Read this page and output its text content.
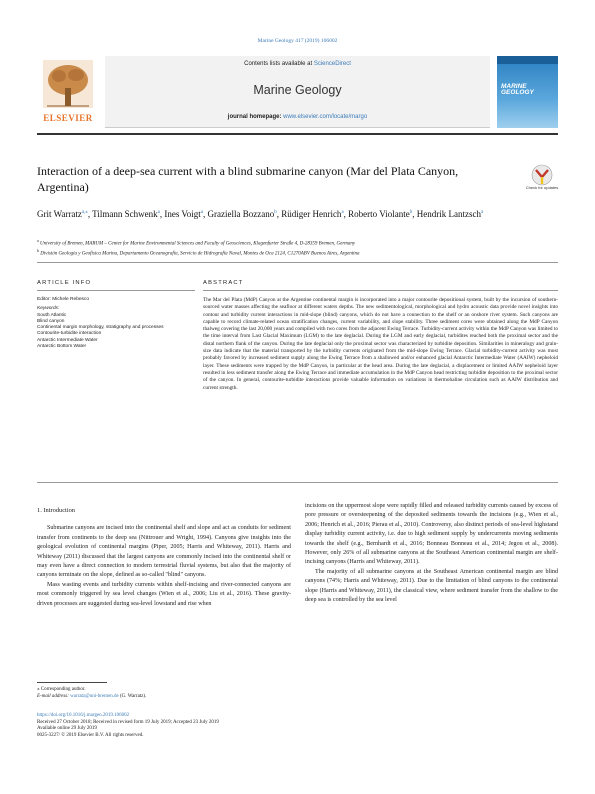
Marine Geology 417 (2019) 106002
ELSEVIER
Contents lists available at ScienceDirect
Marine Geology
journal homepage: www.elsevier.com/locate/margo
MARINE GEOLOGY
Interaction of a deep-sea current with a blind submarine canyon (Mar del Plata Canyon, Argentina)	Check for updates
Grit Warratz$^{a,⁎}$, Tilmann Schwenk$^a$, Ines Voigt$^a$, Graziella Bozzano$^b$, Rüdiger Henrich$^a$, Roberto Violante$^b$, Hendrik Lantzsch$^a$
$^a$ University of Bremen, MARUM – Center for Marine Environmental Sciences and Faculty of Geosciences, Klagenfurter Straße 4, D-28359 Bremen, Germany
$^b$ División Geología y Geofísica Marina, Departamento Oceanografía, Servicio de Hidrografía Naval, Montes de Oca 2124, C1270ABV Buenos Aires, Argentina
ARTICLE INFO	ABSTRACT
Editor: Michele Rebesco
Keywords:
South Atlantic
Blind canyon
Continental margin morphology, stratigraphy and processes
Contourite-turbidite interaction
Antarctic Intermediate Water
Antarctic Bottom Water
The Mar del Plata (MdP) Canyon at the Argentine continental margin is incorporated into a major contourite depositional system, built by the incursion of southern-sourced water masses affecting the seafloor at different waters depths. The new sedimentological, morphological and hydro acoustic data provide novel insights into contour and turbidity current interactions in mid-slope (blind) canyons, which do not have a connection to the shelf or an onshore river system. Such canyons are capable to record climate-related ocean stratification changes, current variability, and slope stability. Three sediment cores were obtained along the MdP Canyon thalweg covering the last 20,000 years and compiled with two cores from the adjacent Ewing Terrace. Turbidity-current activity within the MdP Canyon was limited to the time interval from Last Glacial Maximum (LGM) to the late deglacial. During the LGM and early deglacial, turbidites reached both the proximal sector and the distal northern flank of the canyon. During the late deglacial only the proximal sector was characterized by turbidite deposition. Similarities in mineralogy and grain-size data indicate that the material transported by the turbidity currents originated from the mid-slope Ewing Terrace. Glacial turbidity-current activity was most probably favored by increased sediment supply along the Ewing Terrace from a shallowed and/or enhanced glacial Antarctic Intermediate Water (AAIW) nepheloid layer. These sediments were trapped by the MdP Canyon, in particular at the head area. During the late deglacial, a displacement or limited AAIW nepheloid layer resulted in less sediment transfer along the Ewing Terrace and immediate accumulation in the MdP Canyon head restricting turbidite deposition to the proximal sector of the canyon. In general, contourite-turbidite interactions provide valuable information on variations in thermohaline circulation such as AAIW distribution and current strength.
1. Introduction

Submarine canyons are incised into the continental shelf and slope and act as conduits for sediment transfer from continents to the deep sea (Nittrouer and Wright, 1994). Canyons give insights into the geological evolution of continental margins (Piper, 2005; Harris and Whiteway, 2011). Harris and Whiteway (2011) discussed that the largest canyons are commonly incised into the continental shelf or may even have a direct connection to modern terrestrial fluvial systems, but also that the majority of canyons terminate on the slope, defined as so-called "blind" canyons.

Mass wasting events and turbidity currents within shelf-incising and river-connected canyons are most commonly triggered by sea level changes (Wien et al., 2006; Liu et al., 2016). These gravity-driven processes are suggested during sea-level lowstand and rise when

incisions on the uppermost slope were rapidly filled and released turbidity currents caused by excess of pore pressure or oversteepening of the deposited sediments towards the incisions (e.g., Wien et al., 2006; Henrich et al., 2016; Pierau et al., 2010). Controversy, also distinct periods of sea-level highstand display turbidity current activity, i.e. due to high sediment supply by undercurrents moving sediments towards the shelf (e.g., Bernhardt et al., 2016; Bonneau Bonneau et al., 2014; Jegou et al., 2008). However, only 26% of all submarine canyons at the Southeast American continental margin are shelf-incising canyons (Harris and Whiteway, 2011).

The majority of all submarine canyons at the Southeast American continental margin are blind canyons (74%; Harris and Whiteway, 2011). Due to the limitation of blind canyons to the continental slope (Harris and Whiteway, 2011), the classical view, where sediment transfer from the shallow to the deep sea is controlled by the sea level

⁎ Corresponding author.
E-mail address: warratz@uni-bremen.de (G. Warratz).
https://doi.org/10.1016/j.margeo.2019.106002
Received 27 October 2018; Received in revised form 19 July 2019; Accepted 23 July 2019
Available online 29 July 2019
0025-3227/ © 2019 Elsevier B.V. All rights reserved.
